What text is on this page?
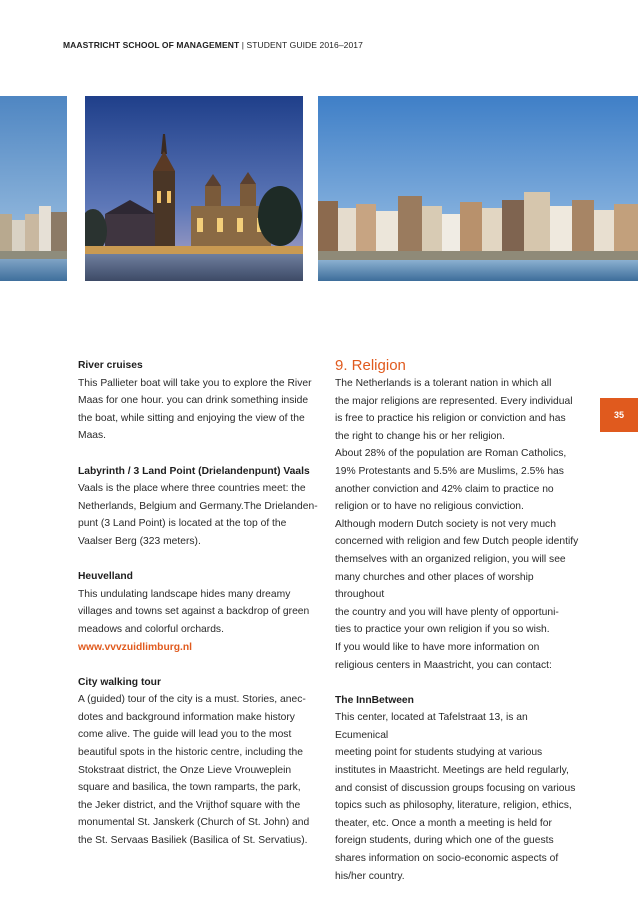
MAASTRICHT SCHOOL OF MANAGEMENT | STUDENT GUIDE 2016–2017

River cruises

This Pallieter boat will take you to explore the River

Maas for one hour. you can drink something inside

the boat, while sitting and enjoying the view of the

Maas.

Labyrinth / 3 Land Point (Drielandenpunt) Vaals

Vaals is the place where three countries meet: the

Netherlands, Belgium and Germany.The Drielanden-

punt (3 Land Point) is located at the top of the

Vaalser Berg (323 meters).

Heuvelland

This undulating landscape hides many dreamy

villages and towns set against a backdrop of green

meadows and colorful orchards.

www.vvvzuidlimburg.nl

City walking tour

A (guided) tour of the city is a must. Stories, anec-

dotes and background information make history

come alive. The guide will lead you to the most

beautiful spots in the historic centre, including the

Stokstraat district, the Onze Lieve Vrouweplein

square and basilica, the town ramparts, the park,

the Jeker district, and the Vrijthof square with the

monumental St. Janskerk (Church of St. John) and

the St. Servaas Basiliek (Basilica of St. Servatius).

9. Religion

The Netherlands is a tolerant nation in which all

the major religions are represented. Every individual

is free to practice his religion or conviction and has

the right to change his or her religion.

About 28% of the population are Roman Catholics,

19% Protestants and 5.5% are Muslims, 2.5% has

another conviction and 42% claim to practice no

religion or to have no religious conviction.

Although modern Dutch society is not very much

concerned with religion and few Dutch people identify

themselves with an organized religion, you will see

many churches and other places of worship throughout

the country and you will have plenty of opportuni-

ties to practice your own religion if you so wish.

If you would like to have more information on

religious centers in Maastricht, you can contact:

The InnBetween

This center, located at Tafelstraat 13, is an Ecumenical

meeting point for students studying at various

institutes in Maastricht. Meetings are held regularly,

and consist of discussion groups focusing on various

topics such as philosophy, literature, religion, ethics,

theater, etc. Once a month a meeting is held for

foreign students, during which one of the guests

shares information on socio-economic aspects of

his/her country.

35
